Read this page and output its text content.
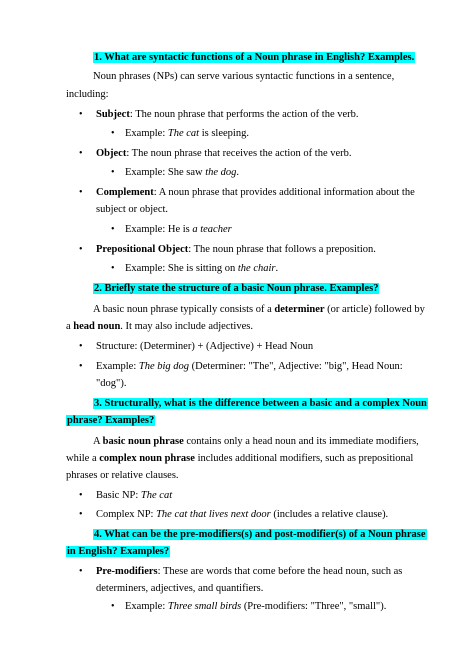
1. What are syntactic functions of a Noun phrase in English? Examples.
Noun phrases (NPs) can serve various syntactic functions in a sentence,
including:
• Subject: The noun phrase that performs the action of the verb.
• Example: The cat is sleeping.
• Object: The noun phrase that receives the action of the verb.
• Example: She saw the dog.
• Complement: A noun phrase that provides additional information about the
subject or object.
• Example: He is a teacher
• Prepositional Object: The noun phrase that follows a preposition.
• Example: She is sitting on the chair.
2. Briefly state the structure of a basic Noun phrase. Examples?
A basic noun phrase typically consists of a determiner (or article) followed by
a head noun. It may also include adjectives.
• Structure: (Determiner) + (Adjective) + Head Noun
• Example: The big dog (Determiner: "The", Adjective: "big", Head Noun:
"dog").
3. Structurally, what is the difference between a basic and a complex Noun
phrase? Examples?
A basic noun phrase contains only a head noun and its immediate modifiers,
while a complex noun phrase includes additional modifiers, such as prepositional
phrases or relative clauses.
• Basic NP: The cat
• Complex NP: The cat that lives next door (includes a relative clause).
4. What can be the pre-modifiers(s) and post-modifier(s) of a Noun phrase
in English? Examples?
• Pre-modifiers: These are words that come before the head noun, such as
determiners, adjectives, and quantifiers.
• Example: Three small birds (Pre-modifiers: "Three", "small").
